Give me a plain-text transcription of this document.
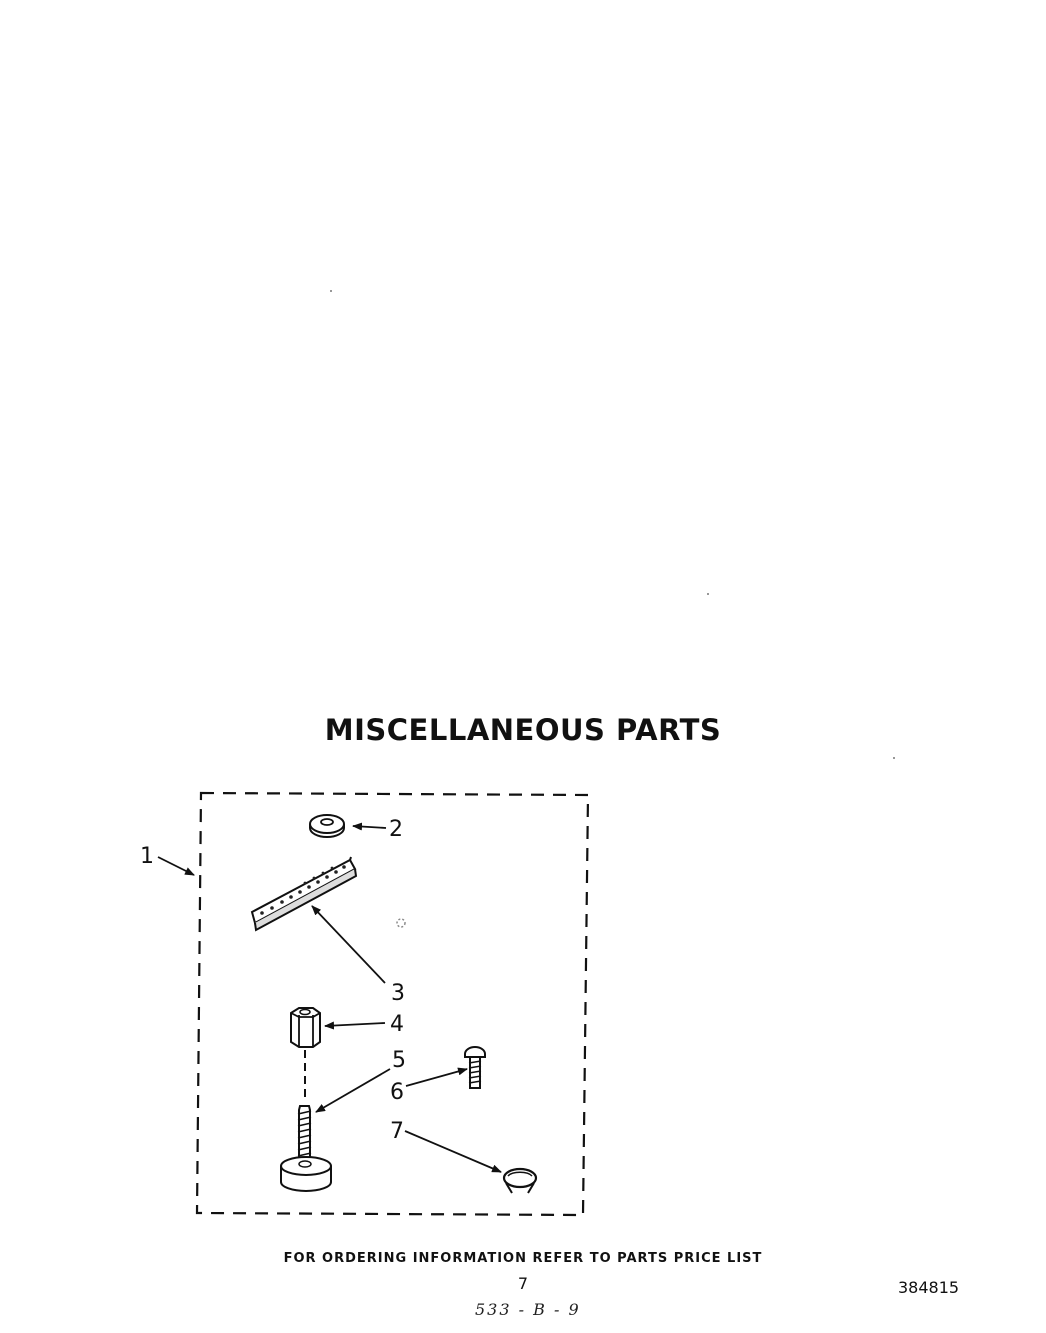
MISCELLANEOUS PARTS
1
2
3
4
5
6
7
FOR ORDERING INFORMATION REFER TO PARTS PRICE LIST
7	384815
533 - B - 9
